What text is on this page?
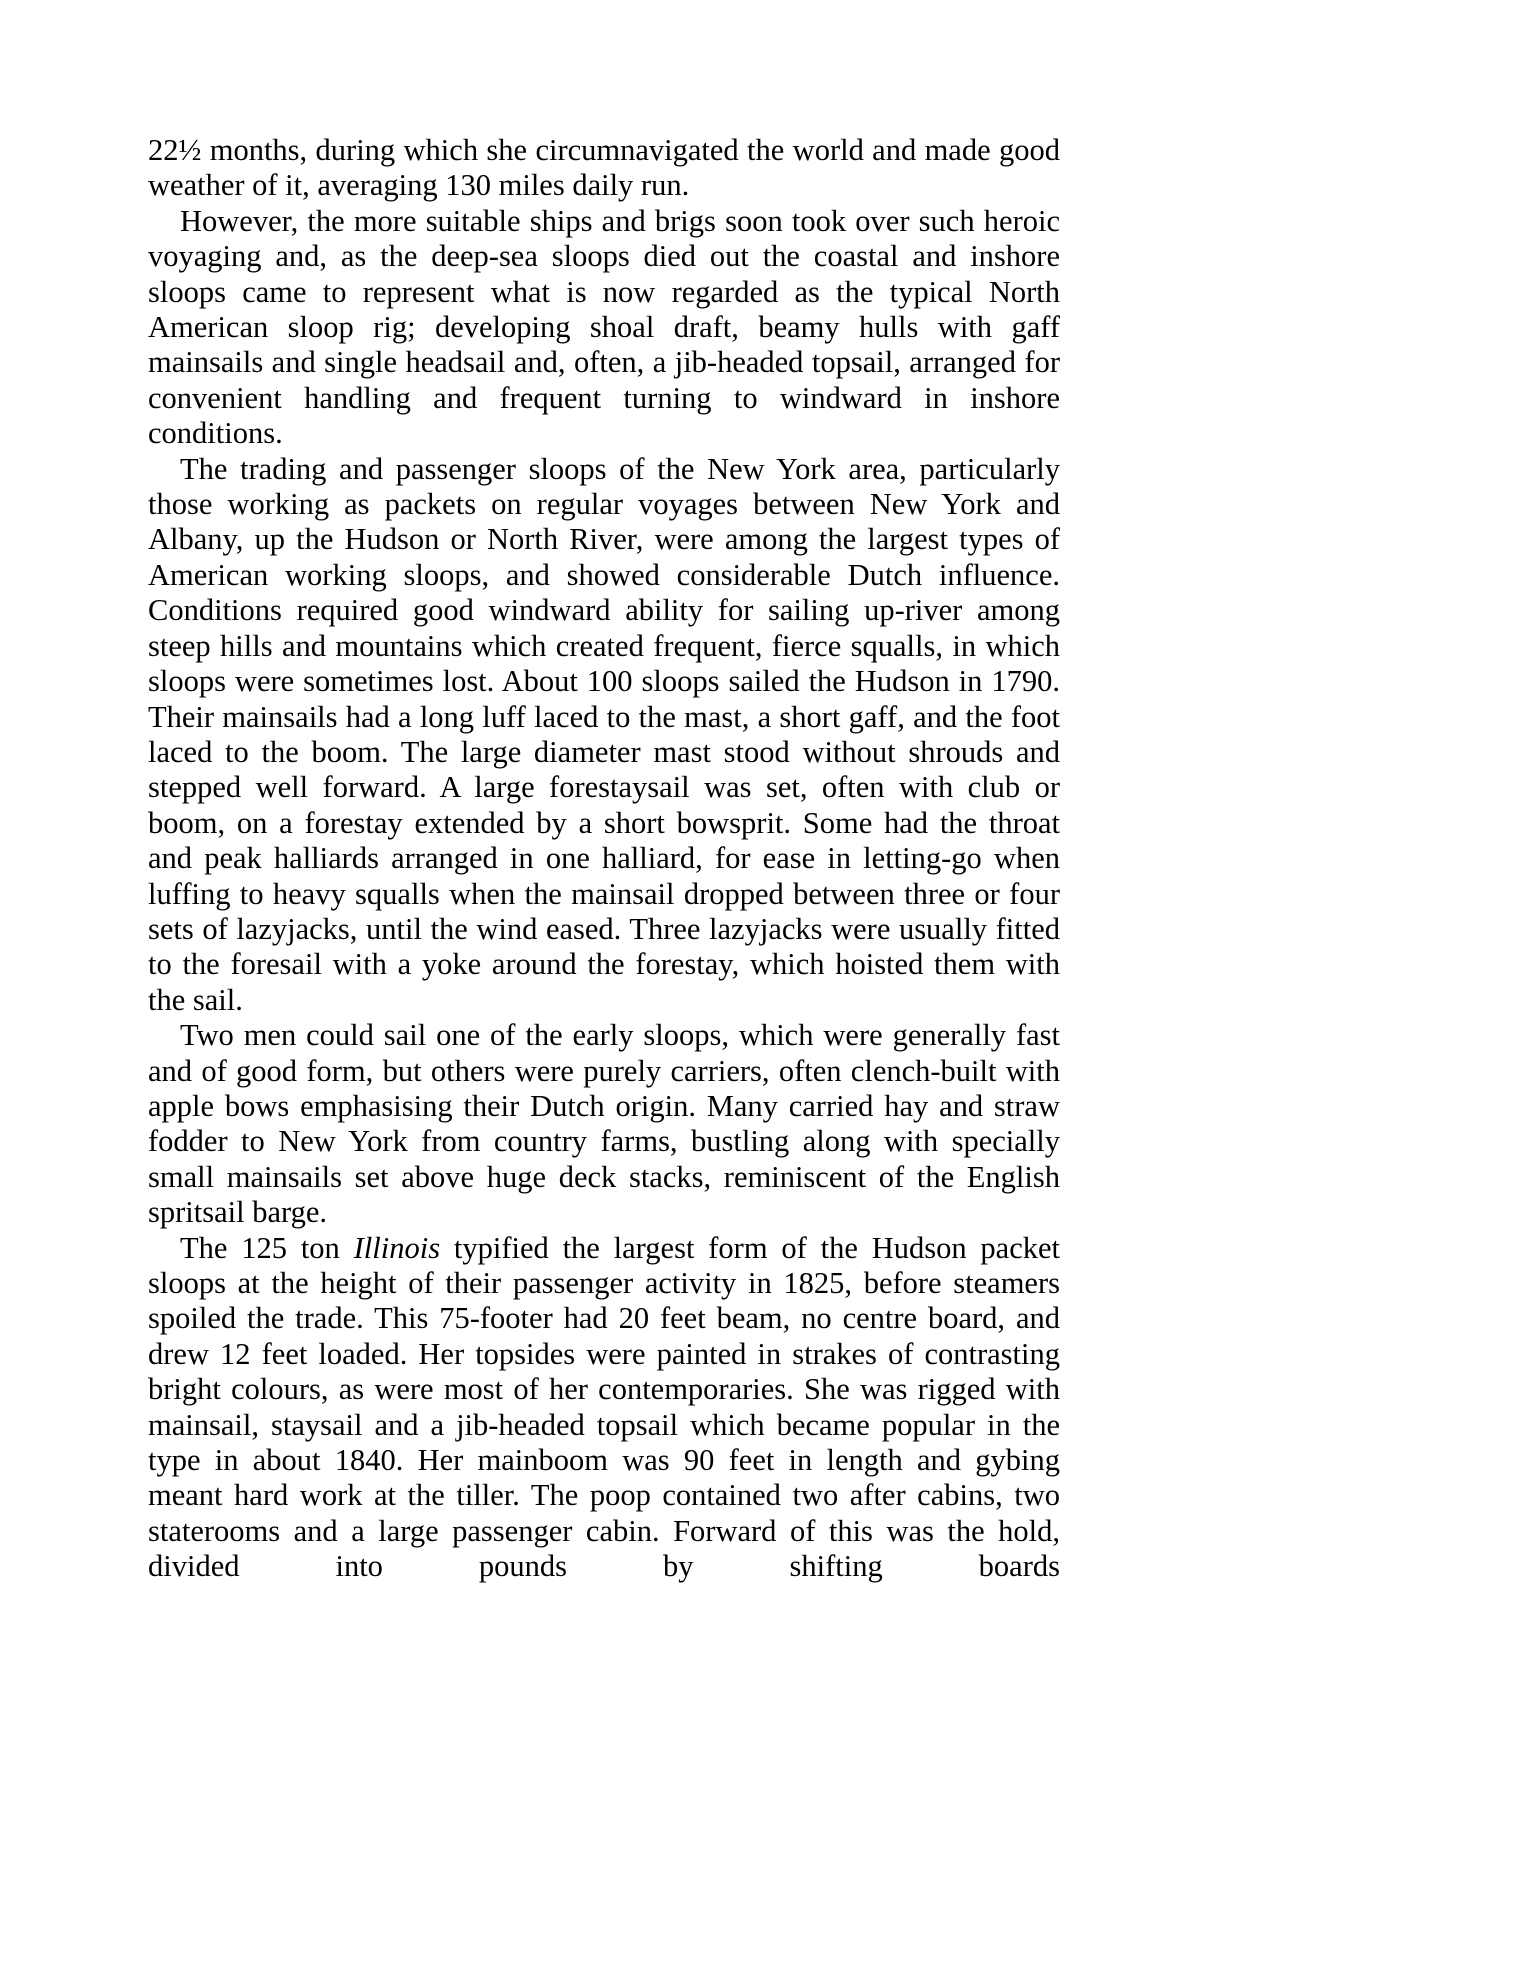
22½ months, during which she circumnavigated the world and made good weather of it, averaging 130 miles daily run.

However, the more suitable ships and brigs soon took over such heroic voyaging and, as the deep-sea sloops died out the coastal and inshore sloops came to represent what is now regarded as the typical North American sloop rig; developing shoal draft, beamy hulls with gaff mainsails and single headsail and, often, a jib-headed topsail, arranged for convenient handling and frequent turning to windward in inshore conditions.

The trading and passenger sloops of the New York area, particularly those working as packets on regular voyages between New York and Albany, up the Hudson or North River, were among the largest types of American working sloops, and showed considerable Dutch influence. Conditions required good windward ability for sailing up-river among steep hills and mountains which created frequent, fierce squalls, in which sloops were sometimes lost. About 100 sloops sailed the Hudson in 1790. Their mainsails had a long luff laced to the mast, a short gaff, and the foot laced to the boom. The large diameter mast stood without shrouds and stepped well forward. A large forestaysail was set, often with club or boom, on a forestay extended by a short bowsprit. Some had the throat and peak halliards arranged in one halliard, for ease in letting-go when luffing to heavy squalls when the mainsail dropped between three or four sets of lazyjacks, until the wind eased. Three lazyjacks were usually fitted to the foresail with a yoke around the forestay, which hoisted them with the sail.

Two men could sail one of the early sloops, which were generally fast and of good form, but others were purely carriers, often clench-built with apple bows emphasising their Dutch origin. Many carried hay and straw fodder to New York from country farms, bustling along with specially small mainsails set above huge deck stacks, reminiscent of the English spritsail barge.

The 125 ton Illinois typified the largest form of the Hudson packet sloops at the height of their passenger activity in 1825, before steamers spoiled the trade. This 75-footer had 20 feet beam, no centre board, and drew 12 feet loaded. Her topsides were painted in strakes of contrasting bright colours, as were most of her contemporaries. She was rigged with mainsail, staysail and a jib-headed topsail which became popular in the type in about 1840. Her mainboom was 90 feet in length and gybing meant hard work at the tiller. The poop contained two after cabins, two staterooms and a large passenger cabin. Forward of this was the hold, divided into pounds by shifting boards
